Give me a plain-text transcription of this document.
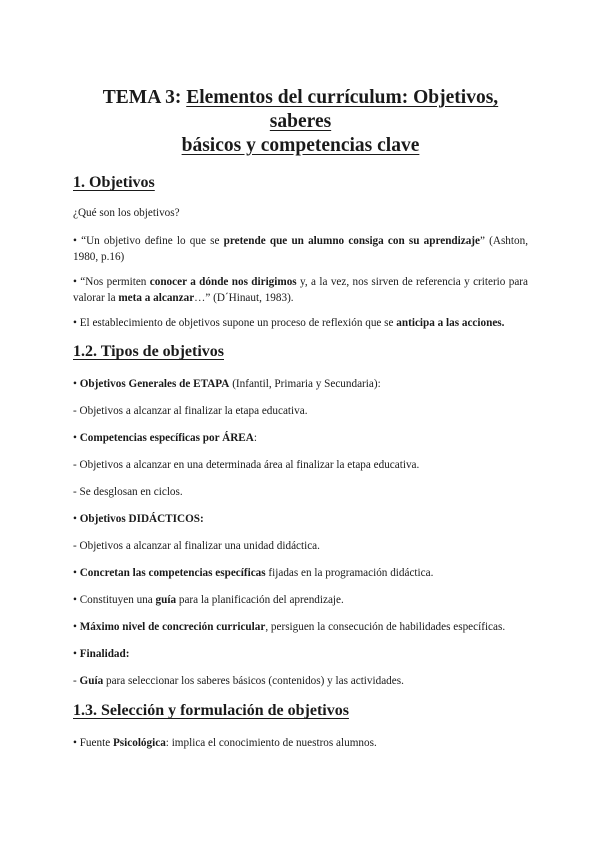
TEMA 3: Elementos del currículum: Objetivos, saberes
básicos y competencias clave
1. Objetivos

¿Qué son los objetivos?

• “Un objetivo define lo que se pretende que un alumno consiga con su aprendizaje” (Ashton, 1980, p.16)

• “Nos permiten conocer a dónde nos dirigimos y, a la vez, nos sirven de referencia y criterio para valorar la meta a alcanzar…” (D´Hinaut, 1983).

• El establecimiento de objetivos supone un proceso de reflexión que se anticipa a las acciones.

1.2. Tipos de objetivos

• Objetivos Generales de ETAPA (Infantil, Primaria y Secundaria):

- Objetivos a alcanzar al finalizar la etapa educativa.

• Competencias específicas por ÁREA:

- Objetivos a alcanzar en una determinada área al finalizar la etapa educativa.

- Se desglosan en ciclos.

• Objetivos DIDÁCTICOS:

- Objetivos a alcanzar al finalizar una unidad didáctica.

• Concretan las competencias específicas fijadas en la programación didáctica.

• Constituyen una guía para la planificación del aprendizaje.

• Máximo nivel de concreción curricular, persiguen la consecución de habilidades específicas.

• Finalidad:

- Guía para seleccionar los saberes básicos (contenidos) y las actividades.

1.3. Selección y formulación de objetivos

• Fuente Psicológica: implica el conocimiento de nuestros alumnos.
